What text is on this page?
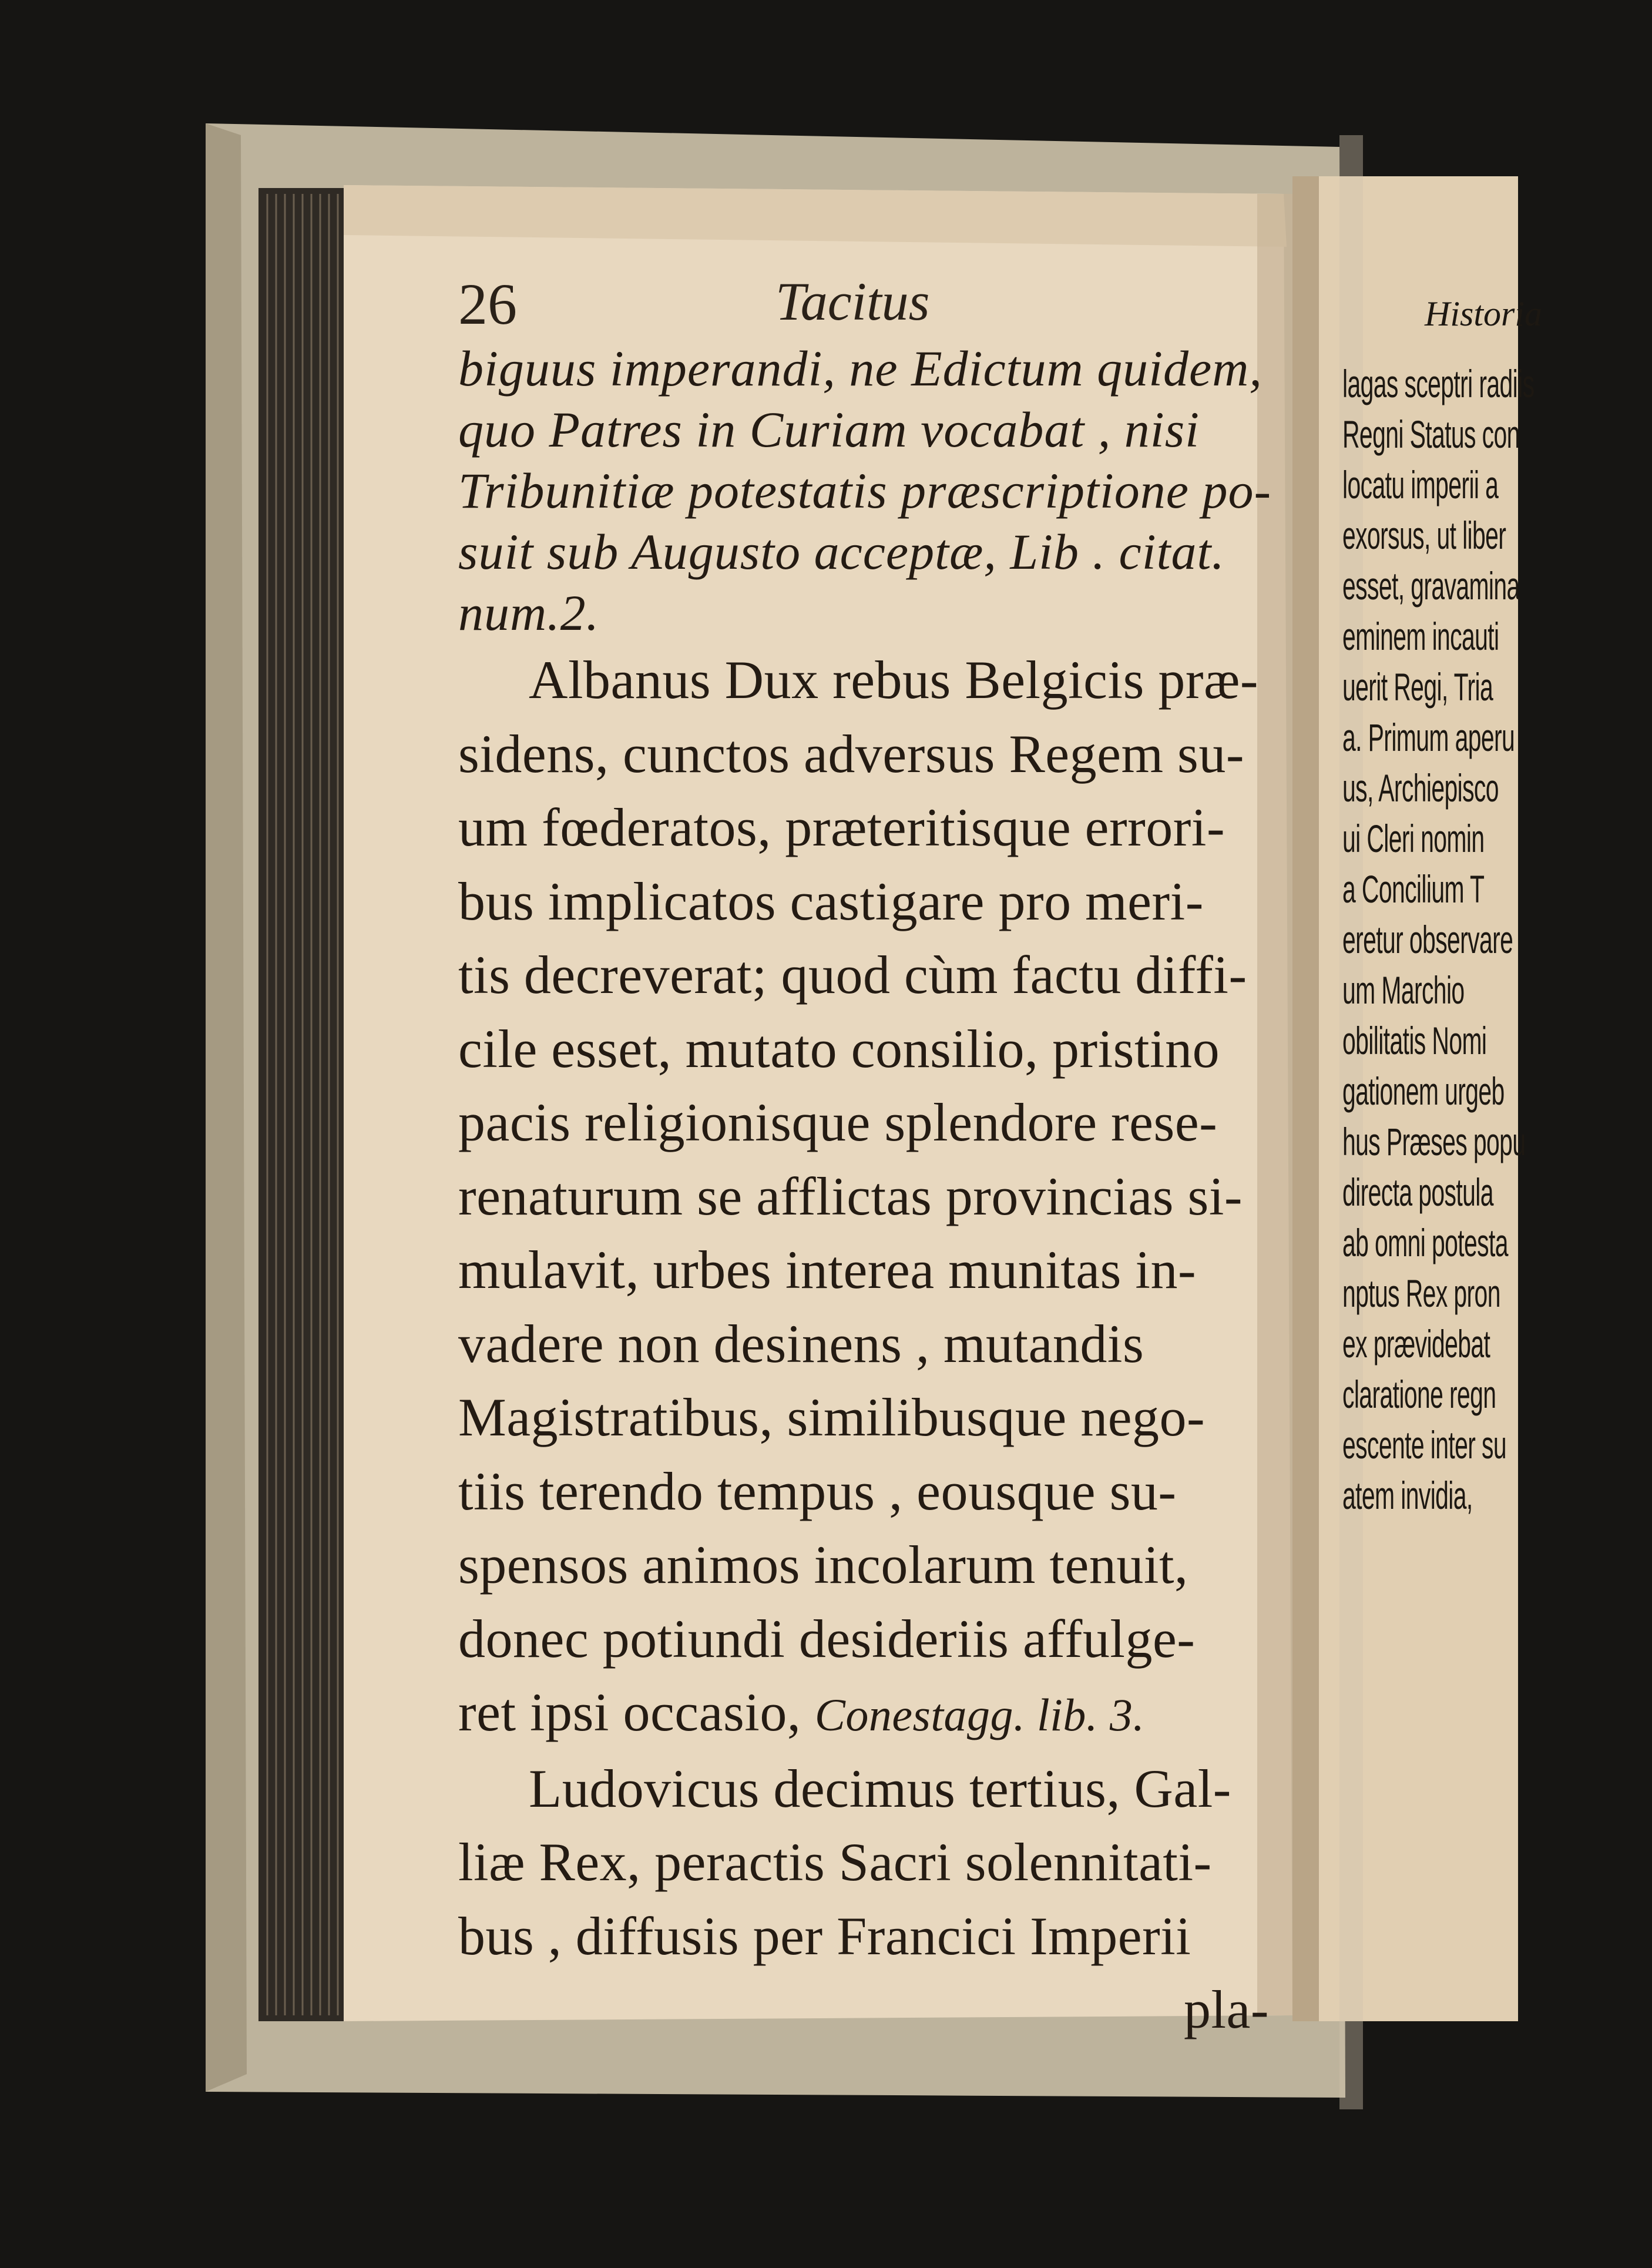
26	Tacitus
biguus imperandi, ne Edictum quidem,
quo Patres in Curiam vocabat , nisi
Tribunitiæ potestatis præscriptione po-
suit sub Augusto acceptæ, Lib . citat.
num.2.
Albanus Dux rebus Belgicis præ-
sidens, cunctos adversus Regem su-
um fœderatos, præteritisque errori-
bus implicatos castigare pro meri-
tis decreverat; quod cùm factu diffi-
cile esset, mutato consilio, pristino
pacis religionisque splendore rese-
renaturum se afflictas provincias si-
mulavit, urbes interea munitas in-
vadere non desinens , mutandis
Magistratibus, similibusque nego-
tiis terendo tempus , eousque su-
spensos animos incolarum tenuit,
donec potiundi desideriis affulge-
ret ipsi occasio, Conestagg. lib. 3.
Ludovicus decimus tertius, Gal-
liæ Rex, peractis Sacri solennitati-
bus , diffusis per Francici Imperii
pla-
Historia
lagas sceptri radiis
Regni Status con
locatu imperii a
exorsus, ut liber
esset, gravamina
eminem incauti
uerit Regi, Tria
a. Primum aperu
us, Archiepisco
ui Cleri nomin
a Concilium T
eretur observare
um Marchio
obilitatis Nomi
gationem urgeb
hus Præses popu
directa postula
ab omni potesta
nptus Rex pron
ex prævidebat
claratione regn
escente inter su
atem invidia,
